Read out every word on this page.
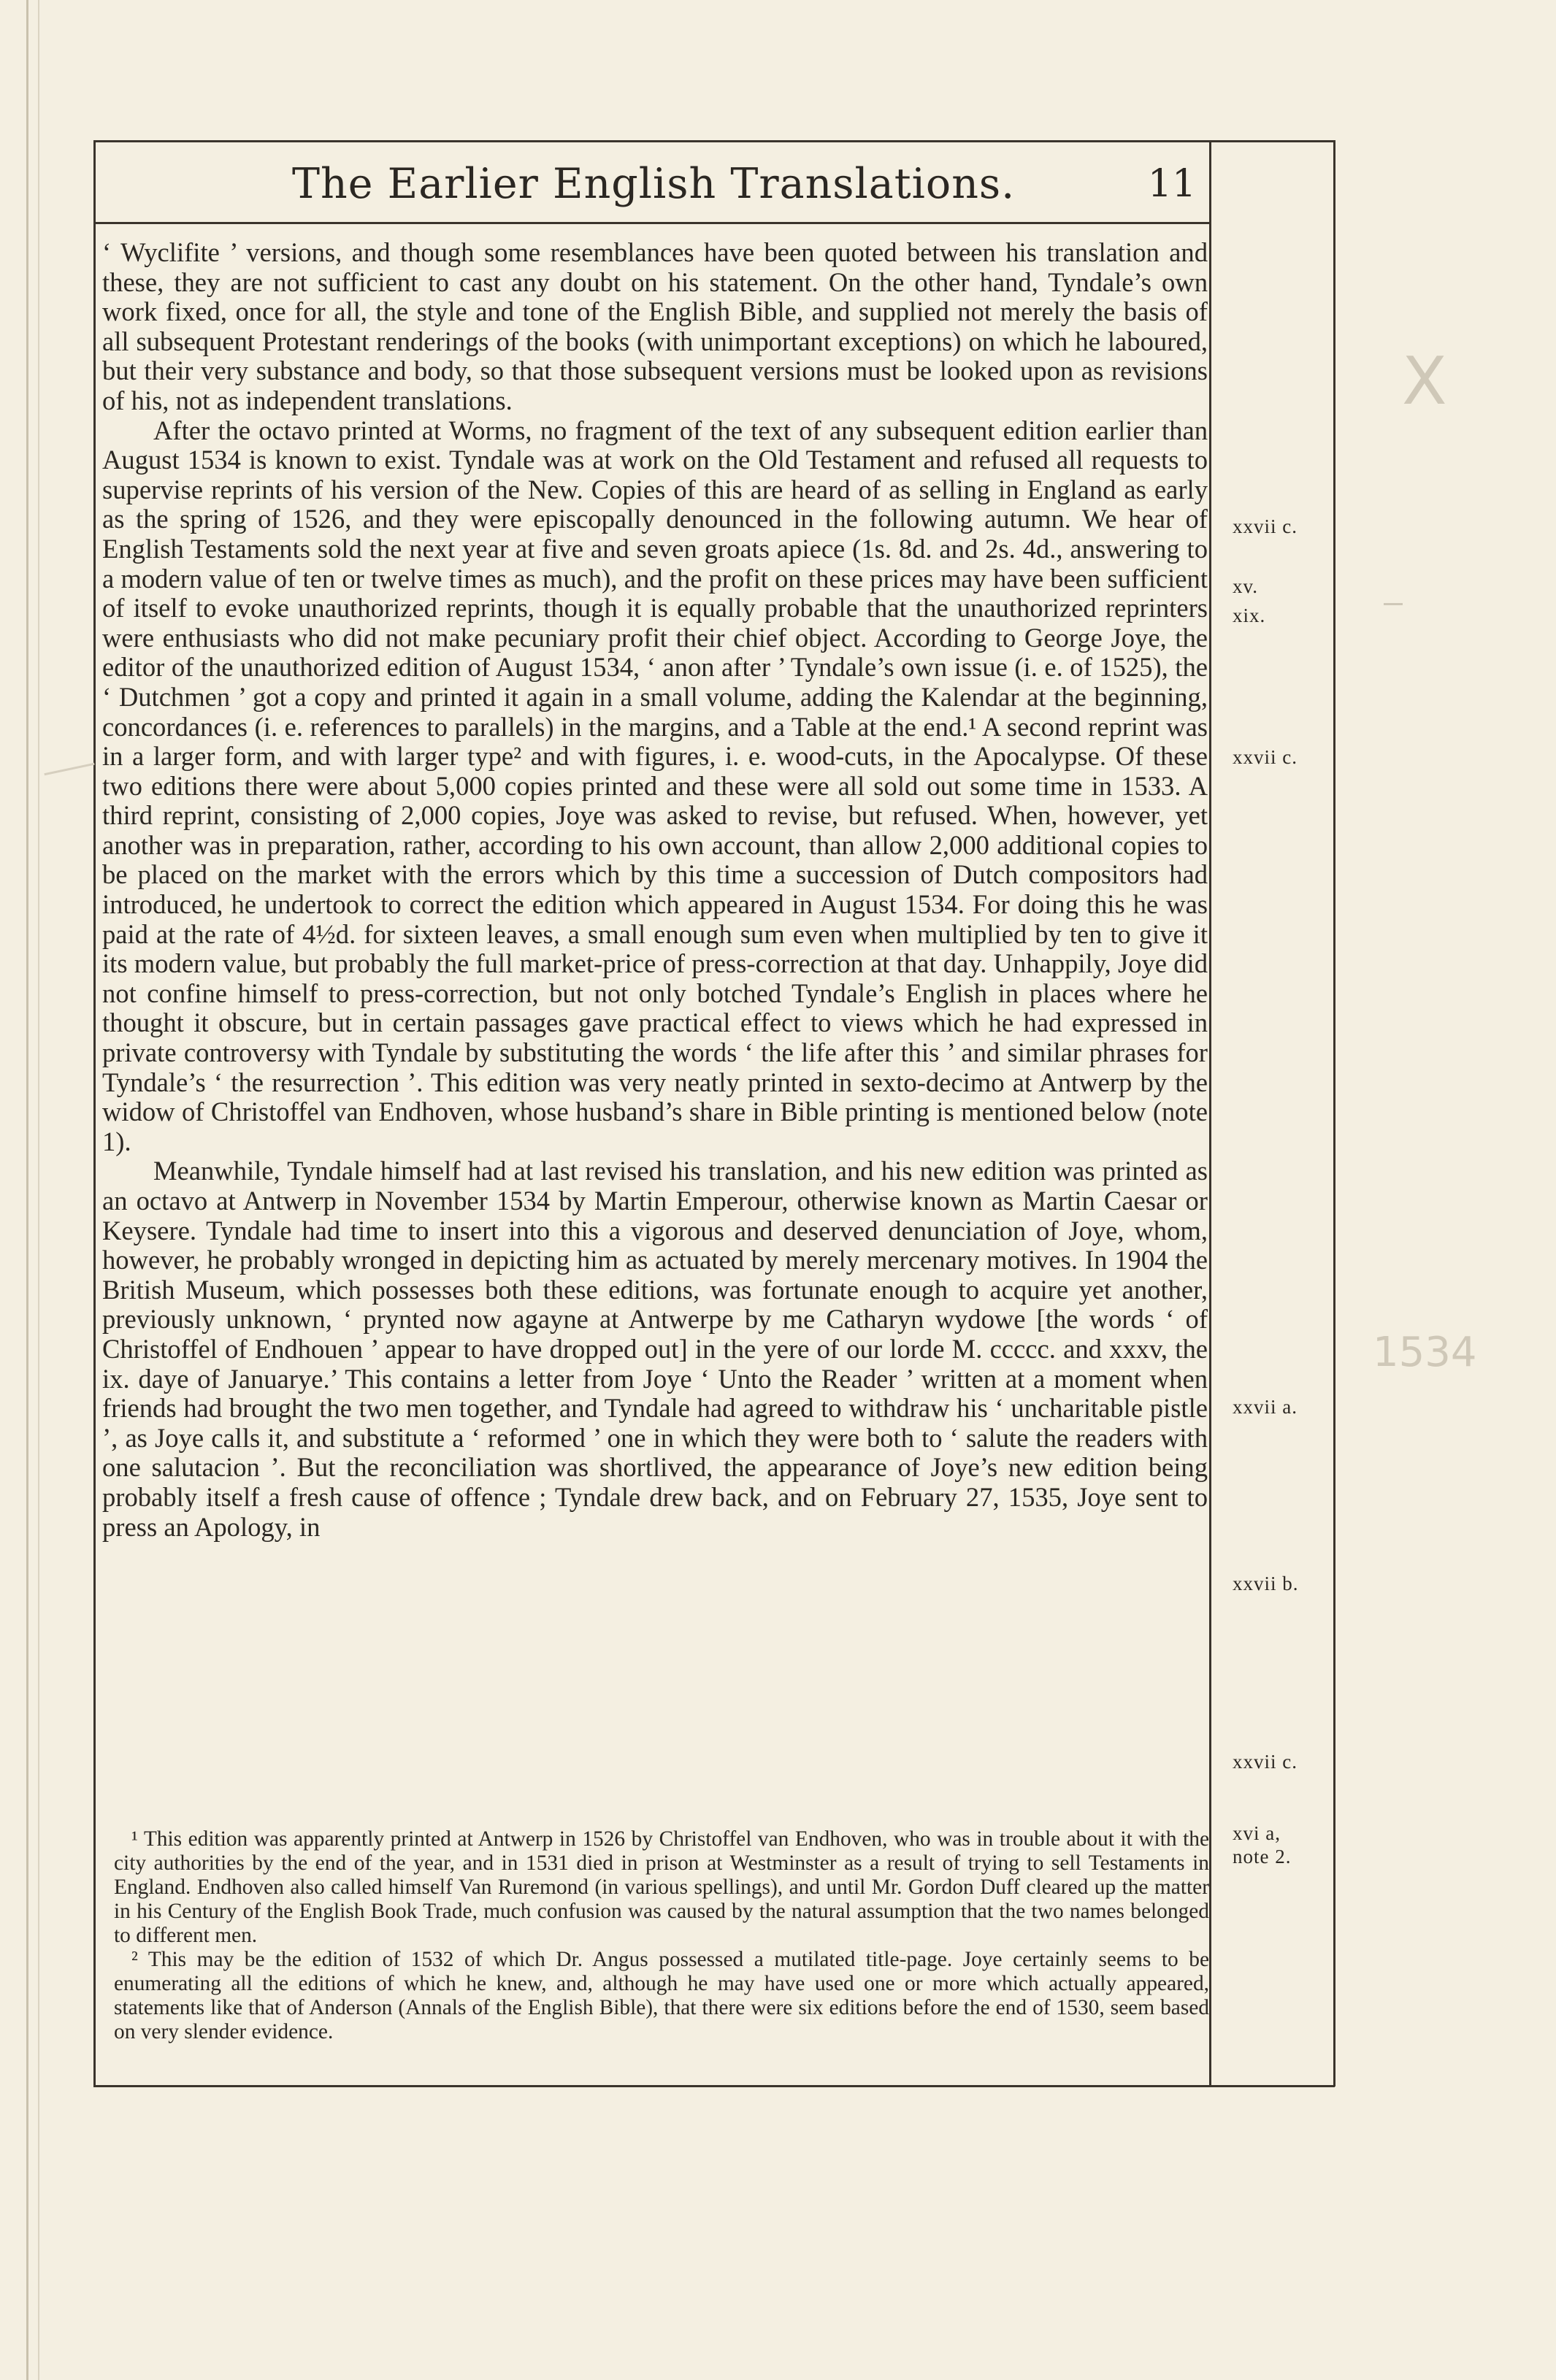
The Earlier English Translations.	11

‘ Wyclifite ’ versions, and though some resemblances have been quoted between his translation and these, they are not sufficient to cast any doubt on his statement. On the other hand, Tyndale’s own work fixed, once for all, the style and tone of the English Bible, and supplied not merely the basis of all subsequent Protestant renderings of the books (with unimportant exceptions) on which he laboured, but their very substance and body, so that those subsequent versions must be looked upon as revisions of his, not as independent translations.

After the octavo printed at Worms, no fragment of the text of any subsequent edition earlier than August 1534 is known to exist. Tyndale was at work on the Old Testament and refused all requests to supervise reprints of his version of the New. Copies of this are heard of as selling in England as early as the spring of 1526, and they were episcopally denounced in the following autumn. We hear of English Testaments sold the next year at five and seven groats apiece (1s. 8d. and 2s. 4d., answering to a modern value of ten or twelve times as much), and the profit on these prices may have been sufficient of itself to evoke unauthorized reprints, though it is equally probable that the unauthorized reprinters were enthusiasts who did not make pecuniary profit their chief object. According to George Joye, the editor of the unauthorized edition of August 1534, ‘ anon after ’ Tyndale’s own issue (i. e. of 1525), the ‘ Dutchmen ’ got a copy and printed it again in a small volume, adding the Kalendar at the beginning, concordances (i. e. references to parallels) in the margins, and a Table at the end.¹ A second reprint was in a larger form, and with larger type² and with figures, i. e. wood-cuts, in the Apocalypse. Of these two editions there were about 5,000 copies printed and these were all sold out some time in 1533. A third reprint, consisting of 2,000 copies, Joye was asked to revise, but refused. When, however, yet another was in preparation, rather, according to his own account, than allow 2,000 additional copies to be placed on the market with the errors which by this time a succession of Dutch compositors had introduced, he undertook to correct the edition which appeared in August 1534. For doing this he was paid at the rate of 4½d. for sixteen leaves, a small enough sum even when multiplied by ten to give it its modern value, but probably the full market-price of press-correction at that day. Unhappily, Joye did not confine himself to press-correction, but not only botched Tyndale’s English in places where he thought it obscure, but in certain passages gave practical effect to views which he had expressed in private controversy with Tyndale by substituting the words ‘ the life after this ’ and similar phrases for Tyndale’s ‘ the resurrection ’. This edition was very neatly printed in sexto-decimo at Antwerp by the widow of Christoffel van Endhoven, whose husband’s share in Bible printing is mentioned below (note 1).

Meanwhile, Tyndale himself had at last revised his translation, and his new edition was printed as an octavo at Antwerp in November 1534 by Martin Emperour, otherwise known as Martin Caesar or Keysere. Tyndale had time to insert into this a vigorous and deserved denunciation of Joye, whom, however, he probably wronged in depicting him as actuated by merely mercenary motives. In 1904 the British Museum, which possesses both these editions, was fortunate enough to acquire yet another, previously unknown, ‘ prynted now agayne at Antwerpe by me Catharyn wydowe [the words ‘ of Christoffel of Endhouen ’ appear to have dropped out] in the yere of our lorde M. ccccc. and xxxv, the ix. daye of Januarye.’ This contains a letter from Joye ‘ Unto the Reader ’ written at a moment when friends had brought the two men together, and Tyndale had agreed to withdraw his ‘ uncharitable pistle ’, as Joye calls it, and substitute a ‘ reformed ’ one in which they were both to ‘ salute the readers with one salutacion ’. But the reconciliation was shortlived, the appearance of Joye’s new edition being probably itself a fresh cause of offence ; Tyndale drew back, and on February 27, 1535, Joye sent to press an Apology, in

¹ This edition was apparently printed at Antwerp in 1526 by Christoffel van Endhoven, who was in trouble about it with the city authorities by the end of the year, and in 1531 died in prison at Westminster as a result of trying to sell Testaments in England. Endhoven also called himself Van Ruremond (in various spellings), and until Mr. Gordon Duff cleared up the matter in his Century of the English Book Trade, much confusion was caused by the natural assumption that the two names belonged to different men.

² This may be the edition of 1532 of which Dr. Angus possessed a mutilated title-page. Joye certainly seems to be enumerating all the editions of which he knew, and, although he may have used one or more which actually appeared, statements like that of Anderson (Annals of the English Bible), that there were six editions before the end of 1530, seem based on very slender evidence.

xxvii c.
xv.
xix.
xxvii c.
xxvii a.
xxvii b.
xxvii c.
xvi a,
note 2.
X
1534
